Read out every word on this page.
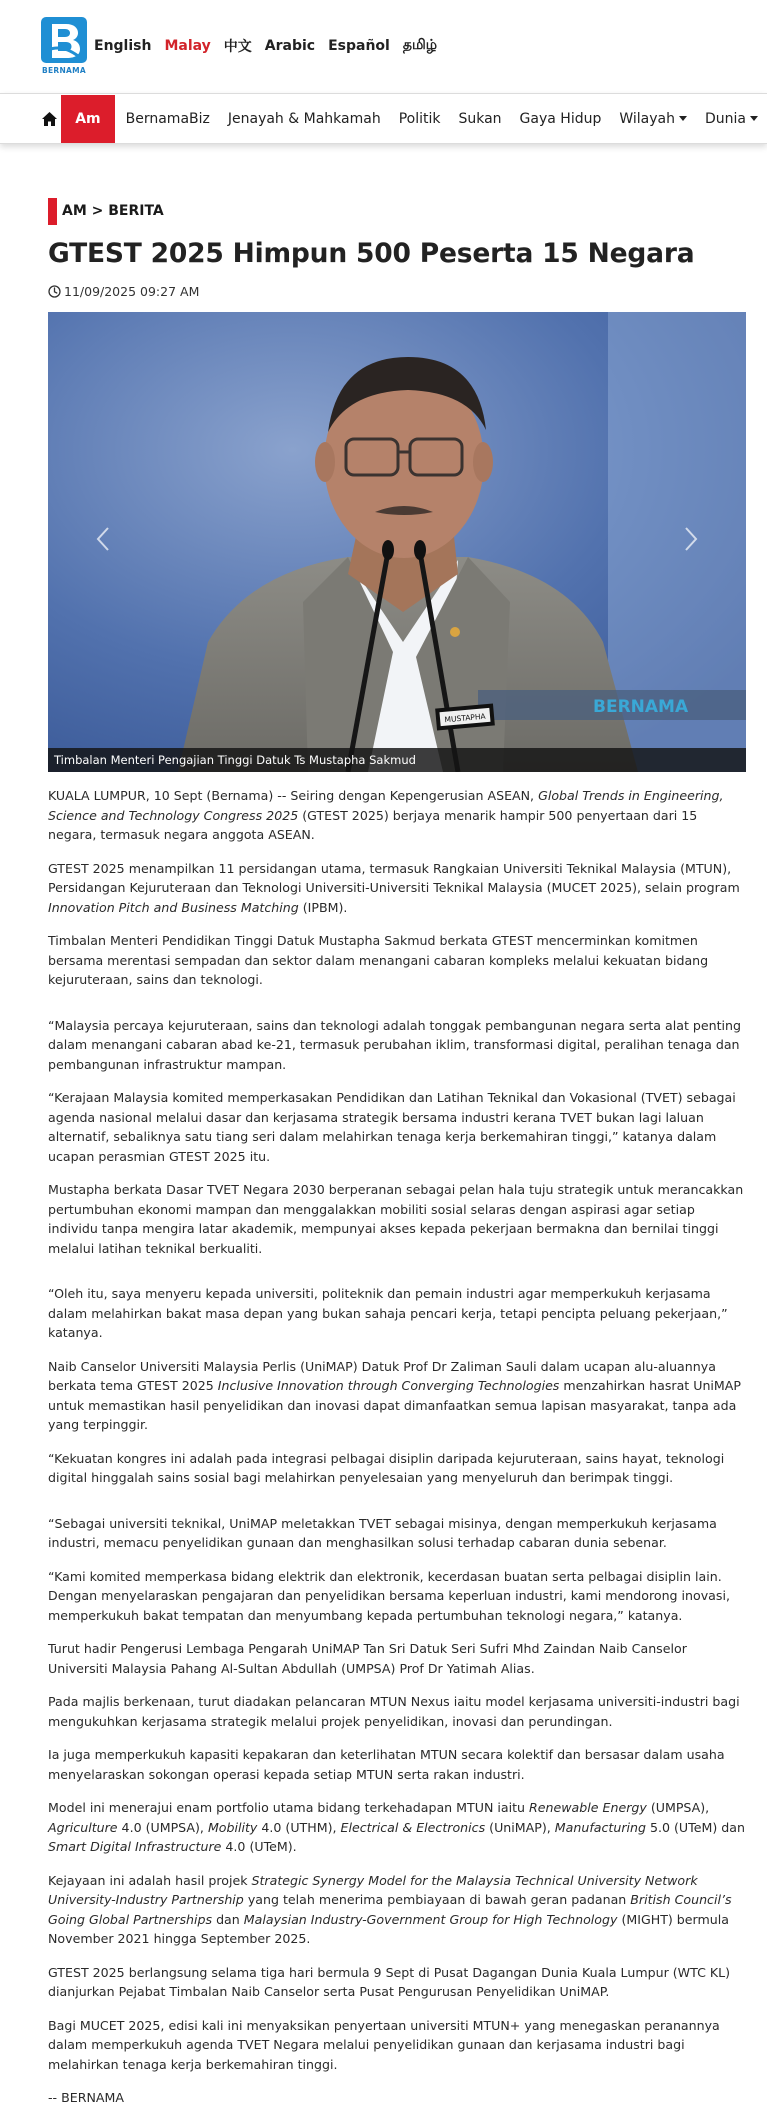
BERNAMA
English Malay 中文 Arabic Español தமிழ்
Am	BernamaBiz	Jenayah & Mahkamah	Politik	Sukan	Gaya Hidup	Wilayah Dunia
AM > BERITA
GTEST 2025 Himpun 500 Peserta 15 Negara
11/09/2025 09:27 AM
MUSTAPHA
BERNAMA
Timbalan Menteri Pengajian Tinggi Datuk Ts Mustapha Sakmud

KUALA LUMPUR, 10 Sept (Bernama) -- Seiring dengan Kepengerusian ASEAN, Global Trends in Engineering, Science and Technology Congress 2025 (GTEST 2025) berjaya menarik hampir 500 penyertaan dari 15 negara, termasuk negara anggota ASEAN.

GTEST 2025 menampilkan 11 persidangan utama, termasuk Rangkaian Universiti Teknikal Malaysia (MTUN), Persidangan Kejuruteraan dan Teknologi Universiti-Universiti Teknikal Malaysia (MUCET 2025), selain program Innovation Pitch and Business Matching (IPBM).

Timbalan Menteri Pendidikan Tinggi Datuk Mustapha Sakmud berkata GTEST mencerminkan komitmen bersama merentasi sempadan dan sektor dalam menangani cabaran kompleks melalui kekuatan bidang kejuruteraan, sains dan teknologi.

“Malaysia percaya kejuruteraan, sains dan teknologi adalah tonggak pembangunan negara serta alat penting dalam menangani cabaran abad ke-21, termasuk perubahan iklim, transformasi digital, peralihan tenaga dan pembangunan infrastruktur mampan.

“Kerajaan Malaysia komited memperkasakan Pendidikan dan Latihan Teknikal dan Vokasional (TVET) sebagai agenda nasional melalui dasar dan kerjasama strategik bersama industri kerana TVET bukan lagi laluan alternatif, sebaliknya satu tiang seri dalam melahirkan tenaga kerja berkemahiran tinggi,” katanya dalam ucapan perasmian GTEST 2025 itu.

Mustapha berkata Dasar TVET Negara 2030 berperanan sebagai pelan hala tuju strategik untuk merancakkan pertumbuhan ekonomi mampan dan menggalakkan mobiliti sosial selaras dengan aspirasi agar setiap individu tanpa mengira latar akademik, mempunyai akses kepada pekerjaan bermakna dan bernilai tinggi melalui latihan teknikal berkualiti.

“Oleh itu, saya menyeru kepada universiti, politeknik dan pemain industri agar memperkukuh kerjasama dalam melahirkan bakat masa depan yang bukan sahaja pencari kerja, tetapi pencipta peluang pekerjaan,” katanya.

Naib Canselor Universiti Malaysia Perlis (UniMAP) Datuk Prof Dr Zaliman Sauli dalam ucapan alu-aluannya berkata tema GTEST 2025 Inclusive Innovation through Converging Technologies menzahirkan hasrat UniMAP untuk memastikan hasil penyelidikan dan inovasi dapat dimanfaatkan semua lapisan masyarakat, tanpa ada yang terpinggir.

“Kekuatan kongres ini adalah pada integrasi pelbagai disiplin daripada kejuruteraan, sains hayat, teknologi digital hinggalah sains sosial bagi melahirkan penyelesaian yang menyeluruh dan berimpak tinggi.

“Sebagai universiti teknikal, UniMAP meletakkan TVET sebagai misinya, dengan memperkukuh kerjasama industri, memacu penyelidikan gunaan dan menghasilkan solusi terhadap cabaran dunia sebenar.

“Kami komited memperkasa bidang elektrik dan elektronik, kecerdasan buatan serta pelbagai disiplin lain. Dengan menyelaraskan pengajaran dan penyelidikan bersama keperluan industri, kami mendorong inovasi, memperkukuh bakat tempatan dan menyumbang kepada pertumbuhan teknologi negara,” katanya.

Turut hadir Pengerusi Lembaga Pengarah UniMAP Tan Sri Datuk Seri Sufri Mhd Zaindan Naib Canselor Universiti Malaysia Pahang Al-Sultan Abdullah (UMPSA) Prof Dr Yatimah Alias.

Pada majlis berkenaan, turut diadakan pelancaran MTUN Nexus iaitu model kerjasama universiti-industri bagi mengukuhkan kerjasama strategik melalui projek penyelidikan, inovasi dan perundingan.

Ia juga memperkukuh kapasiti kepakaran dan keterlihatan MTUN secara kolektif dan bersasar dalam usaha menyelaraskan sokongan operasi kepada setiap MTUN serta rakan industri.

Model ini menerajui enam portfolio utama bidang terkehadapan MTUN iaitu Renewable Energy (UMPSA), Agriculture 4.0 (UMPSA), Mobility 4.0 (UTHM), Electrical & Electronics (UniMAP), Manufacturing 5.0 (UTeM) dan Smart Digital Infrastructure 4.0 (UTeM).

Kejayaan ini adalah hasil projek Strategic Synergy Model for the Malaysia Technical University Network University-Industry Partnership yang telah menerima pembiayaan di bawah geran padanan British Council’s Going Global Partnerships dan Malaysian Industry-Government Group for High Technology (MIGHT) bermula November 2021 hingga September 2025.

GTEST 2025 berlangsung selama tiga hari bermula 9 Sept di Pusat Dagangan Dunia Kuala Lumpur (WTC KL) dianjurkan Pejabat Timbalan Naib Canselor serta Pusat Pengurusan Penyelidikan UniMAP.

Bagi MUCET 2025, edisi kali ini menyaksikan penyertaan universiti MTUN+ yang menegaskan peranannya dalam memperkukuh agenda TVET Negara melalui penyelidikan gunaan dan kerjasama industri bagi melahirkan tenaga kerja berkemahiran tinggi.

-- BERNAMA
